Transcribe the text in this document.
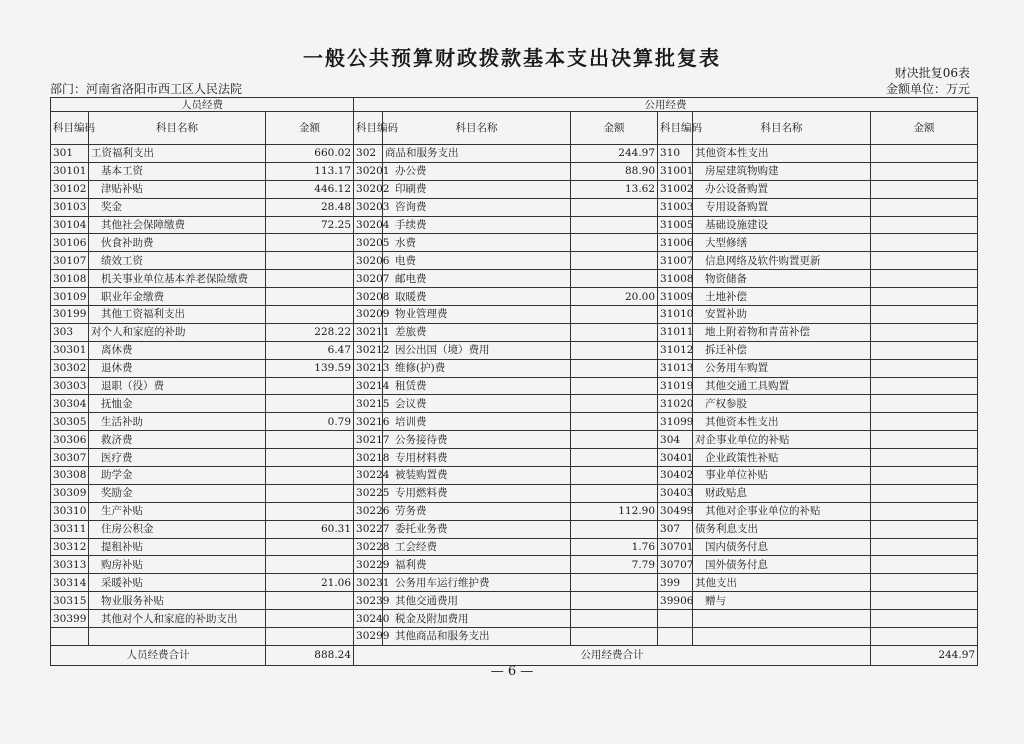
一般公共预算财政拨款基本支出决算批复表
财决批复06表
金额单位：万元
部门：河南省洛阳市西工区人民法院
人员经费			公用经费					
科目编码	科目名称	金额	科目编码	科目名称	金额	科目编码	科目名称	金额
301	工资福利支出	660.02	302	商品和服务支出	244.97	310	其他资本性支出	
30101	基本工资	113.17	30201	办公费	88.90	31001	房屋建筑物购建	
30102	津贴补贴	446.12	30202	印刷费	13.62	31002	办公设备购置	
30103	奖金	28.48	30203	咨询费		31003	专用设备购置	
30104	其他社会保障缴费	72.25	30204	手续费		31005	基础设施建设	
30106	伙食补助费		30205	水费		31006	大型修缮	
30107	绩效工资		30206	电费		31007	信息网络及软件购置更新	
30108	机关事业单位基本养老保险缴费		30207	邮电费		31008	物资储备	
30109	职业年金缴费		30208	取暖费	20.00	31009	土地补偿	
30199	其他工资福利支出		30209	物业管理费		31010	安置补助	
303	对个人和家庭的补助	228.22	30211	差旅费		31011	地上附着物和青苗补偿	
30301	离休费	6.47	30212	因公出国（境）费用		31012	拆迁补偿	
30302	退休费	139.59	30213	维修(护)费		31013	公务用车购置	
30303	退职（役）费		30214	租赁费		31019	其他交通工具购置	
30304	抚恤金		30215	会议费		31020	产权参股	
30305	生活补助	0.79	30216	培训费		31099	其他资本性支出	
30306	救济费		30217	公务接待费		304	对企事业单位的补贴	
30307	医疗费		30218	专用材料费		30401	企业政策性补贴	
30308	助学金		30224	被装购置费		30402	事业单位补贴	
30309	奖励金		30225	专用燃料费		30403	财政贴息	
30310	生产补贴		30226	劳务费	112.90	30499	其他对企事业单位的补贴	
30311	住房公积金	60.31	30227	委托业务费		307	债务利息支出	
30312	提租补贴		30228	工会经费	1.76	30701	国内债务付息	
30313	购房补贴		30229	福利费	7.79	30707	国外债务付息	
30314	采暖补贴	21.06	30231	公务用车运行维护费		399	其他支出	
30315	物业服务补贴		30239	其他交通费用		39906	赠与	
30399	其他对个人和家庭的补助支出		30240	税金及附加费用				
			30299	其他商品和服务支出				
人员经费合计		888.24	公用经费合计					244.97
— 6 —
